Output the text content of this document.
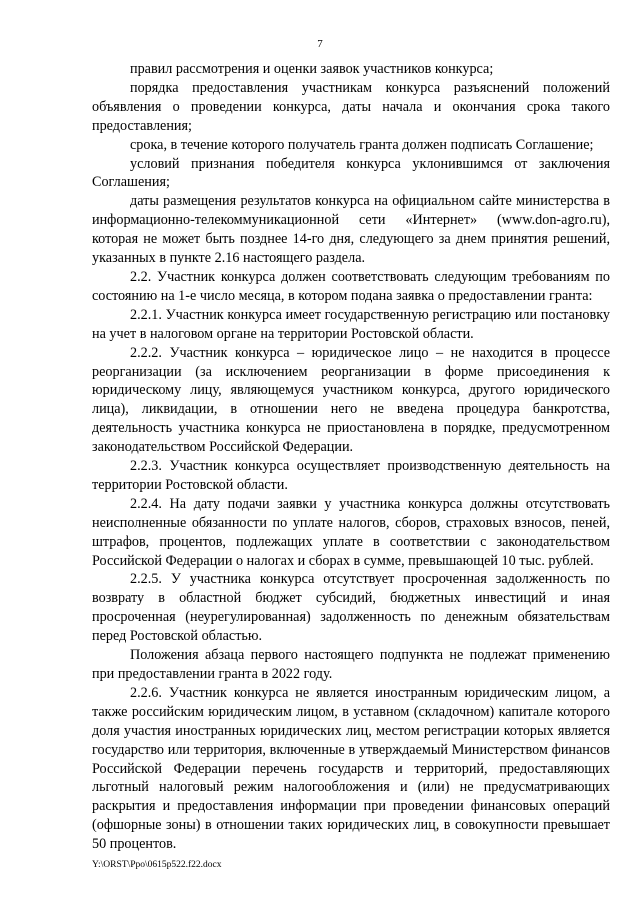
7

правил рассмотрения и оценки заявок участников конкурса;

порядка предоставления участникам конкурса разъяснений положений объявления о проведении конкурса, даты начала и окончания срока такого предоставления;

срока, в течение которого получатель гранта должен подписать Соглашение;

условий признания победителя конкурса уклонившимся от заключения Соглашения;

даты размещения результатов конкурса на официальном сайте министерства в информационно-телекоммуникационной сети «Интернет» (www.don-agro.ru), которая не может быть позднее 14-го дня, следующего за днем принятия решений, указанных в пункте 2.16 настоящего раздела.

2.2. Участник конкурса должен соответствовать следующим требованиям по состоянию на 1-е число месяца, в котором подана заявка о предоставлении гранта:

2.2.1. Участник конкурса имеет государственную регистрацию или постановку на учет в налоговом органе на территории Ростовской области.

2.2.2. Участник конкурса – юридическое лицо – не находится в процессе реорганизации (за исключением реорганизации в форме присоединения к юридическому лицу, являющемуся участником конкурса, другого юридического лица), ликвидации, в отношении него не введена процедура банкротства, деятельность участника конкурса не приостановлена в порядке, предусмотренном законодательством Российской Федерации.

2.2.3. Участник конкурса осуществляет производственную деятельность на территории Ростовской области.

2.2.4. На дату подачи заявки у участника конкурса должны отсутствовать неисполненные обязанности по уплате налогов, сборов, страховых взносов, пеней, штрафов, процентов, подлежащих уплате в соответствии с законодательством Российской Федерации о налогах и сборах в сумме, превышающей 10 тыс. рублей.

2.2.5. У участника конкурса отсутствует просроченная задолженность по возврату в областной бюджет субсидий, бюджетных инвестиций и иная просроченная (неурегулированная) задолженность по денежным обязательствам перед Ростовской областью.

Положения абзаца первого настоящего подпункта не подлежат применению при предоставлении гранта в 2022 году.

2.2.6. Участник конкурса не является иностранным юридическим лицом, а также российским юридическим лицом, в уставном (складочном) капитале которого доля участия иностранных юридических лиц, местом регистрации которых является государство или территория, включенные в утверждаемый Министерством финансов Российской Федерации перечень государств и территорий, предоставляющих льготный налоговый режим налогообложения и (или) не предусматривающих раскрытия и предоставления информации при проведении финансовых операций (офшорные зоны) в отношении таких юридических лиц, в совокупности превышает 50 процентов.

Y:\ORST\Ppo\0615p522.f22.docx
